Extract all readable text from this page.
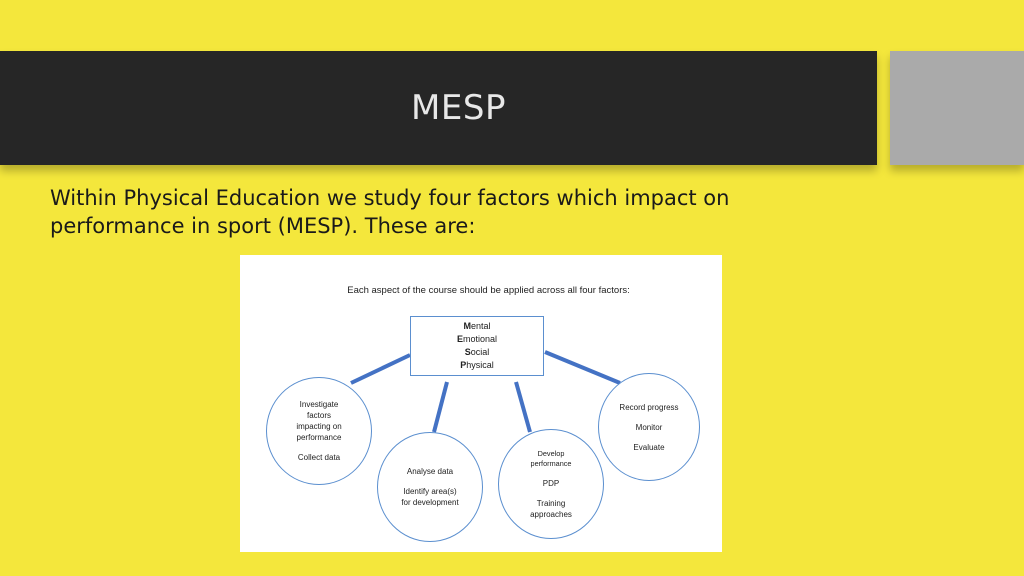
MESP

Within Physical Education we study four factors which impact on performance in sport (MESP). These are:

Each aspect of the course should be applied across all four factors:
Mental
Emotional
Social
Physical
Investigate
factors
impacting on
performance
Collect data
Analyse data
Identify area(s)
for development
Develop
performance
PDP
Training
approaches
Record progress
Monitor
Evaluate
